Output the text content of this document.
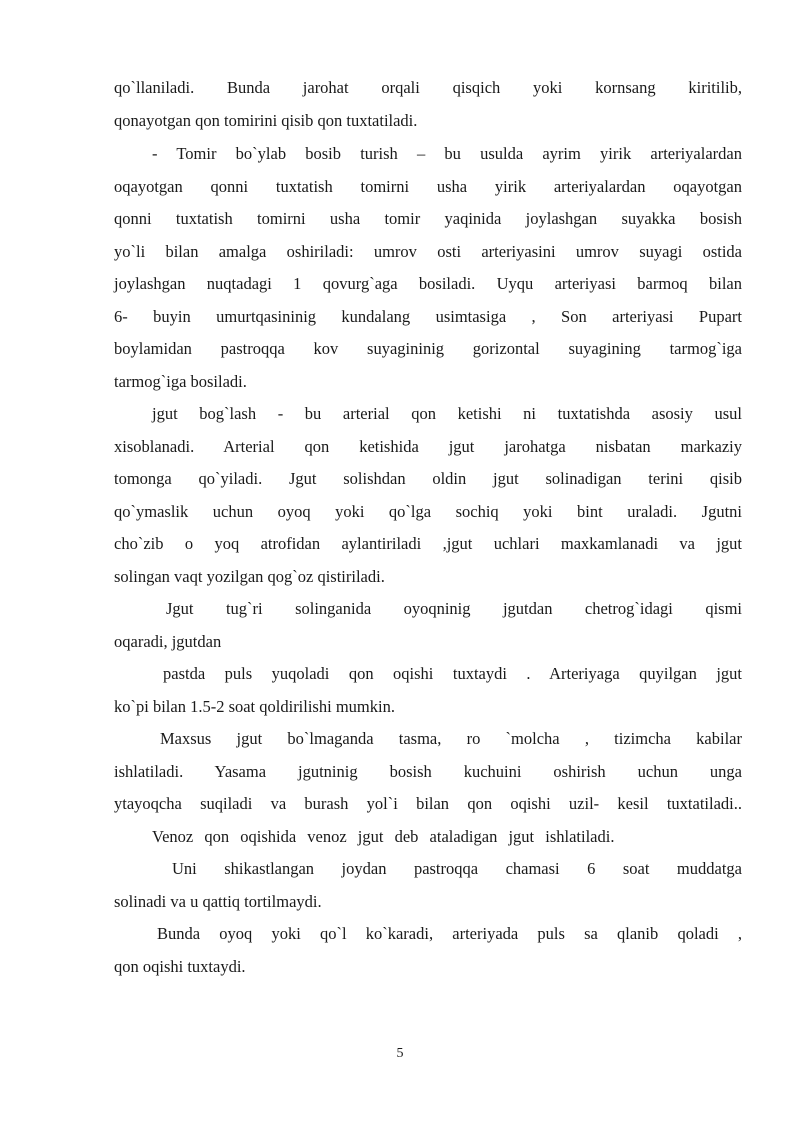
qo`llaniladi. Bunda jarohat orqali qisqich yoki kornsang kiritilib,
qonayotgan qon tomirini qisib qon tuxtatiladi.
- Tomir bo`ylab bosib turish – bu usulda ayrim yirik arteriyalardan
oqayotgan qonni tuxtatish tomirni usha yirik arteriyalardan oqayotgan
qonni tuxtatish tomirni usha tomir yaqinida joylashgan suyakka bosish
yo`li bilan amalga oshiriladi: umrov osti arteriyasini umrov suyagi ostida
joylashgan nuqtadagi 1 qovurg`aga bosiladi. Uyqu arteriyasi barmoq bilan
6- buyin umurtqasininig kundalang usimtasiga , Son arteriyasi Pupart
boylamidan pastroqqa kov suyagininig gorizontal suyagining tarmog`iga
tarmog`iga bosiladi.
jgut bog`lash - bu arterial qon ketishi ni tuxtatishda asosiy usul
xisoblanadi. Arterial qon ketishida jgut jarohatga nisbatan markaziy
tomonga qo`yiladi. Jgut solishdan oldin jgut solinadigan terini qisib
qo`ymaslik uchun oyoq yoki qo`lga sochiq yoki bint uraladi. Jgutni
cho`zib o yoq atrofidan aylantiriladi ,jgut uchlari maxkamlanadi va jgut
solingan vaqt yozilgan qog`oz qistiriladi.
Jgut tug`ri solinganida oyoqninig jgutdan chetrog`idagi qismi
oqaradi, jgutdan
pastda puls yuqoladi qon oqishi tuxtaydi . Arteriyaga quyilgan jgut
ko`pi bilan 1.5-2 soat qoldirilishi mumkin.
Maxsus jgut bo`lmaganda tasma, ro `molcha , tizimcha kabilar
ishlatiladi. Yasama jgutninig bosish kuchuini oshirish uchun unga
ytayoqcha suqiladi va burash yol`i bilan qon oqishi uzil- kesil tuxtatiladi..
Venoz qon oqishida venoz jgut deb ataladigan jgut ishlatiladi.
Uni shikastlangan joydan pastroqqa chamasi 6 soat muddatga
solinadi va u qattiq tortilmaydi.
Bunda oyoq yoki qo`l ko`karadi, arteriyada puls sa qlanib qoladi ,
qon oqishi tuxtaydi.
5
